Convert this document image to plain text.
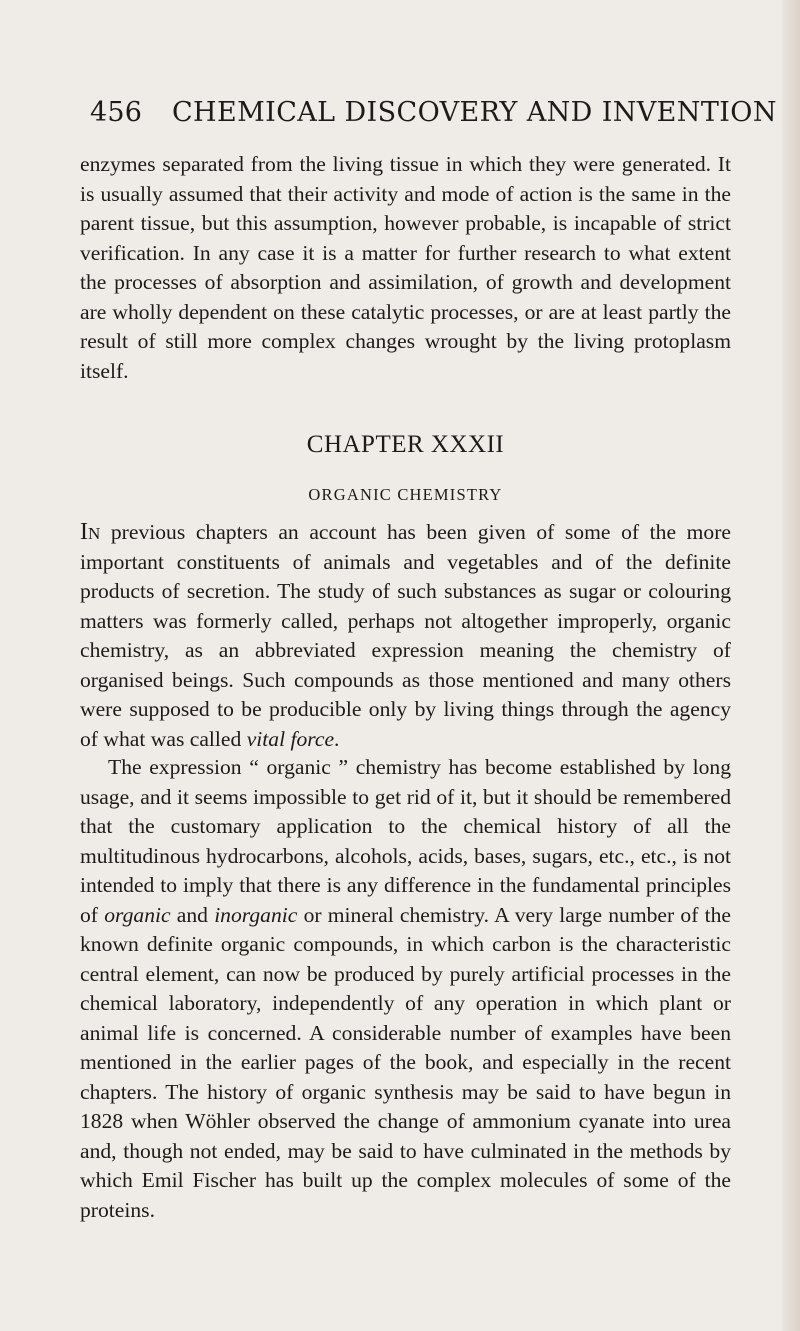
456 CHEMICAL DISCOVERY AND INVENTION

enzymes separated from the living tissue in which they were generated. It is usually assumed that their activity and mode of action is the same in the parent tissue, but this assumption, however probable, is incapable of strict verification. In any case it is a matter for further research to what extent the processes of absorption and assimilation, of growth and development are wholly dependent on these catalytic processes, or are at least partly the result of still more complex changes wrought by the living protoplasm itself.

CHAPTER XXXII
ORGANIC CHEMISTRY

In previous chapters an account has been given of some of the more important constituents of animals and vegetables and of the definite products of secretion. The study of such substances as sugar or colouring matters was formerly called, perhaps not altogether improperly, organic chemistry, as an abbreviated expression meaning the chemistry of organised beings. Such compounds as those mentioned and many others were supposed to be producible only by living things through the agency of what was called vital force.

The expression “ organic ” chemistry has become established by long usage, and it seems impossible to get rid of it, but it should be remembered that the customary application to the chemical history of all the multitudinous hydrocarbons, alcohols, acids, bases, sugars, etc., etc., is not intended to imply that there is any difference in the fundamental principles of organic and inorganic or mineral chemistry. A very large number of the known definite organic compounds, in which carbon is the characteristic central element, can now be produced by purely artificial processes in the chemical laboratory, independently of any operation in which plant or animal life is concerned. A considerable number of examples have been mentioned in the earlier pages of the book, and especially in the recent chapters. The history of organic synthesis may be said to have begun in 1828 when Wöhler observed the change of ammonium cyanate into urea and, though not ended, may be said to have culminated in the methods by which Emil Fischer has built up the complex molecules of some of the proteins.
